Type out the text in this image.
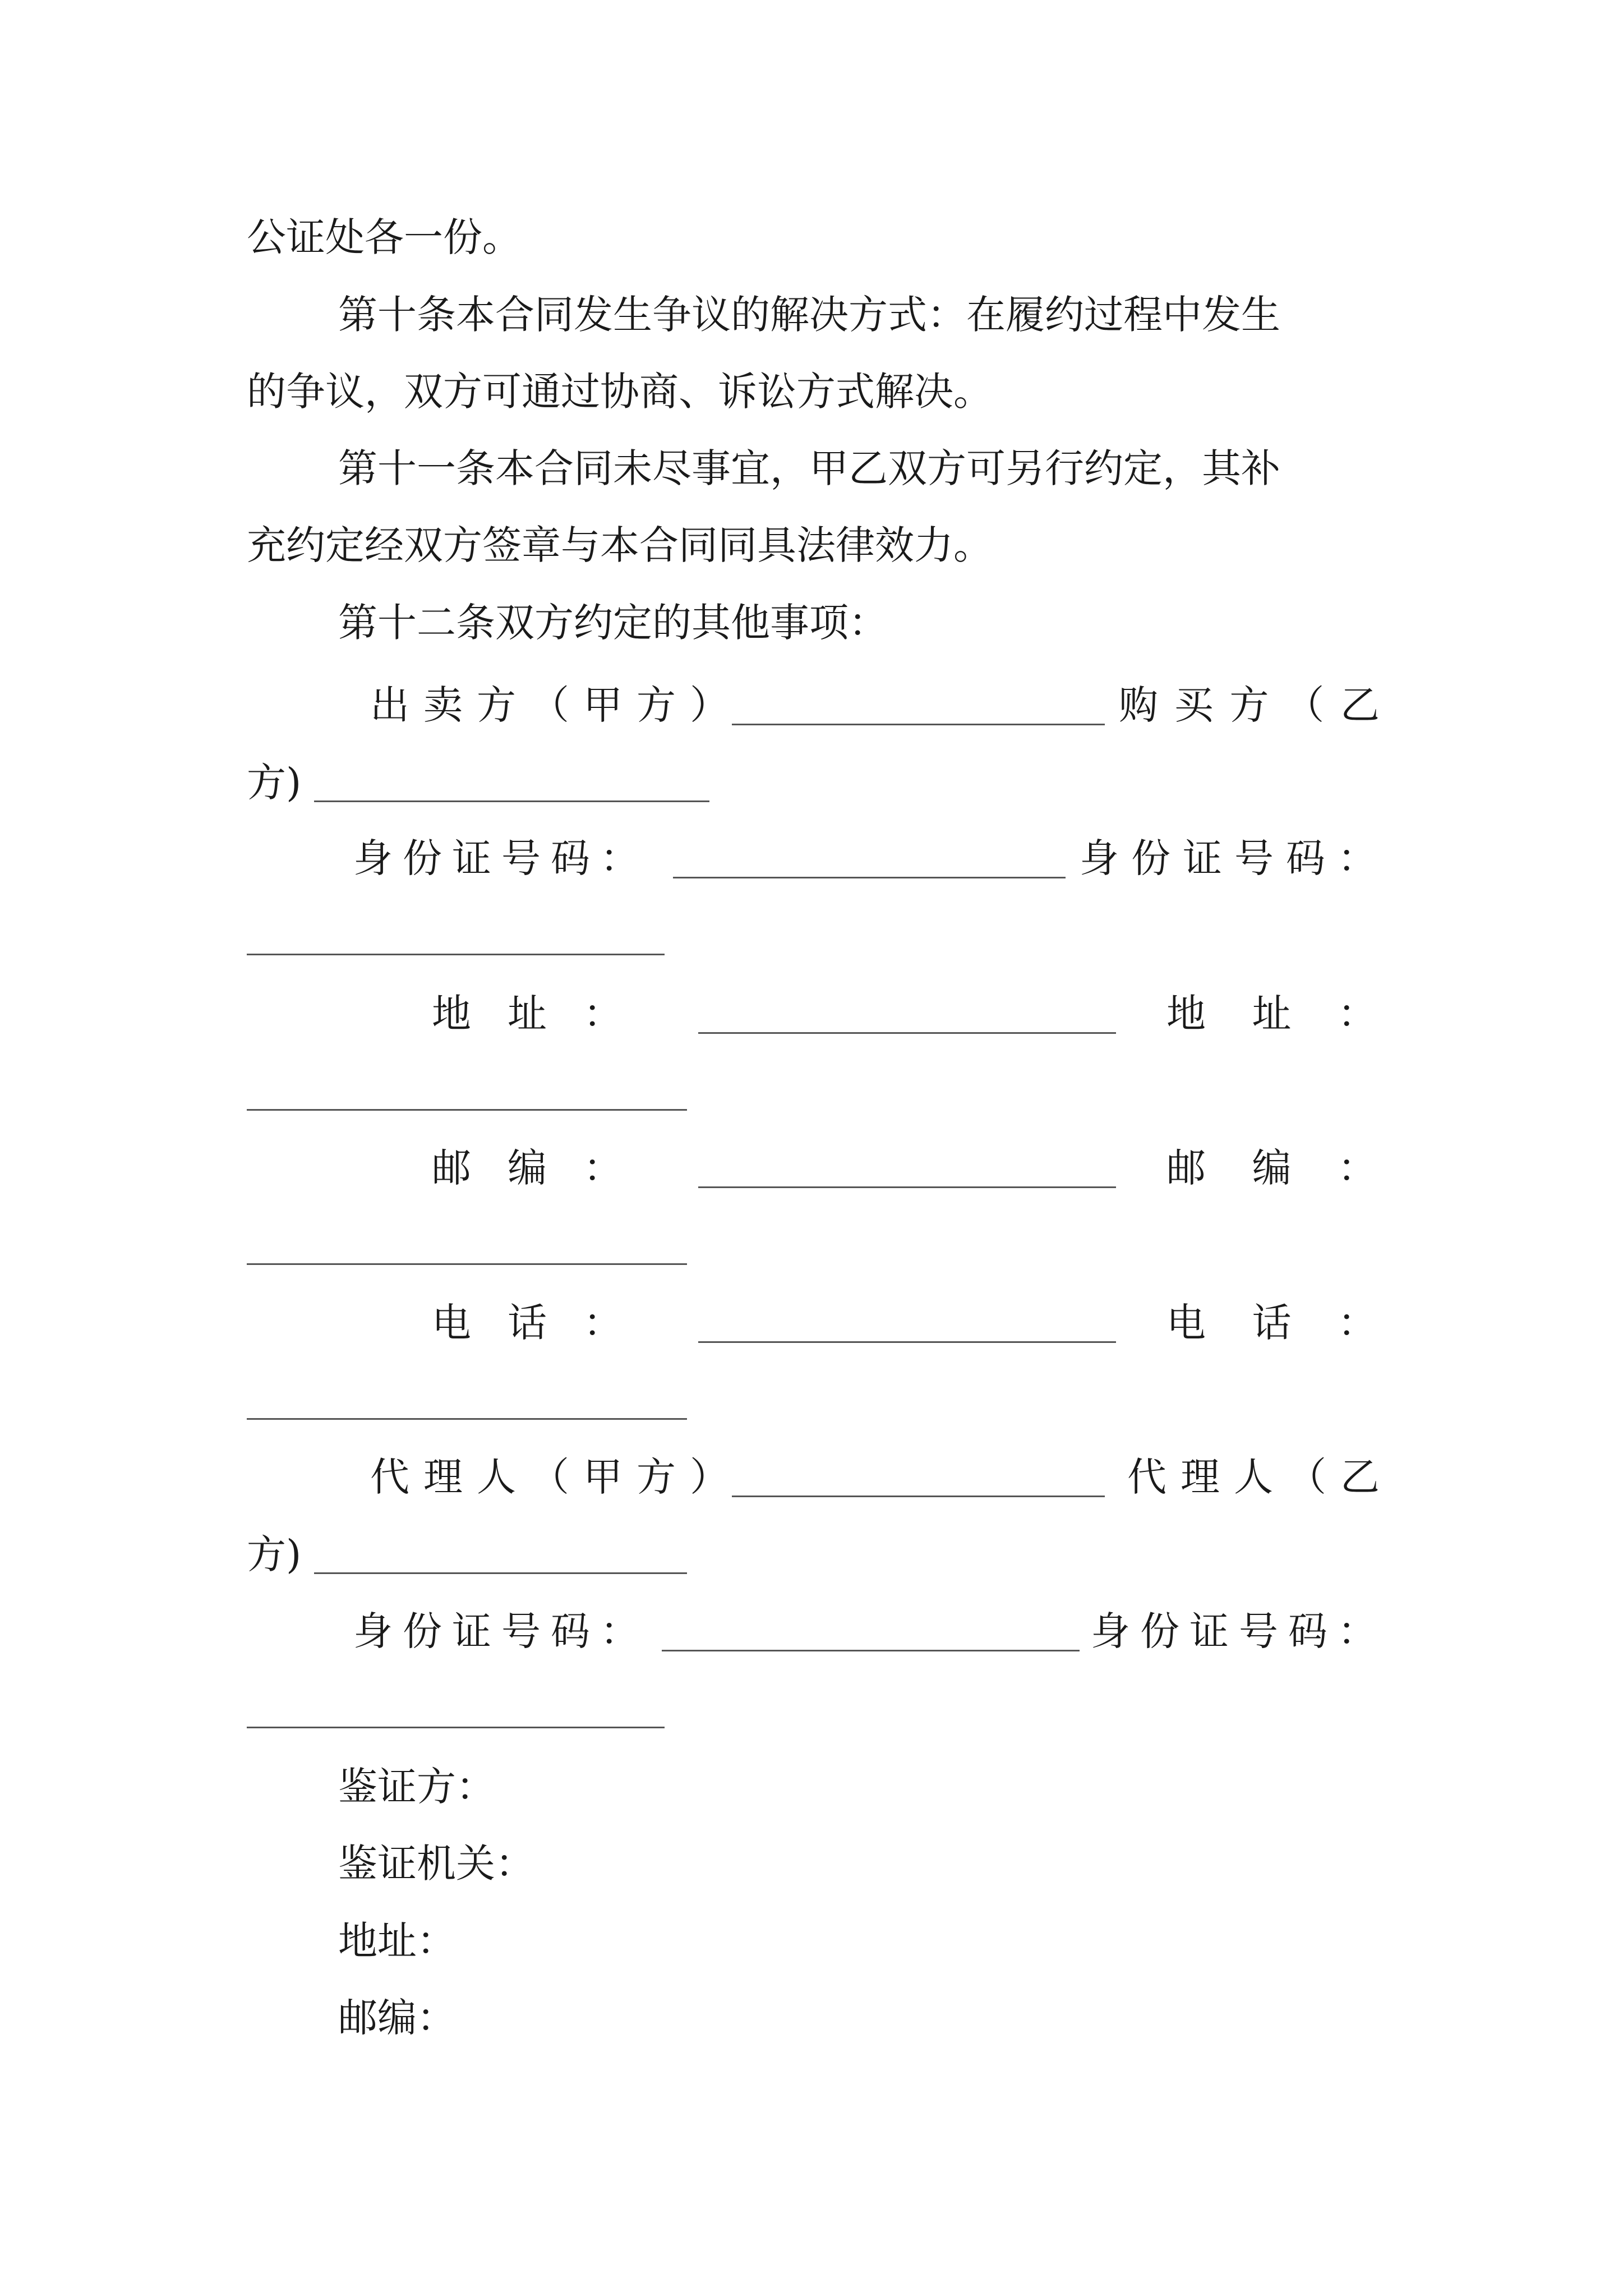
公证处各一份。
第十条本合同发生争议的解决方式：在履约过程中发生
的争议，双方可通过协商、诉讼方式解决。
第十一条本合同未尽事宜，甲乙双方可另行约定，其补
充约定经双方签章与本合同同具法律效力。
第十二条双方约定的其他事项：
出卖方（甲方）	购买方（乙
方)
身份证号码：	身份证号码：
地址：	地址：
邮编：	邮编：
电话：	电话：
代理人（甲方）	代理人（乙
方)
身份证号码：	身份证号码：
鉴证方：
鉴证机关：
地址：
邮编：
